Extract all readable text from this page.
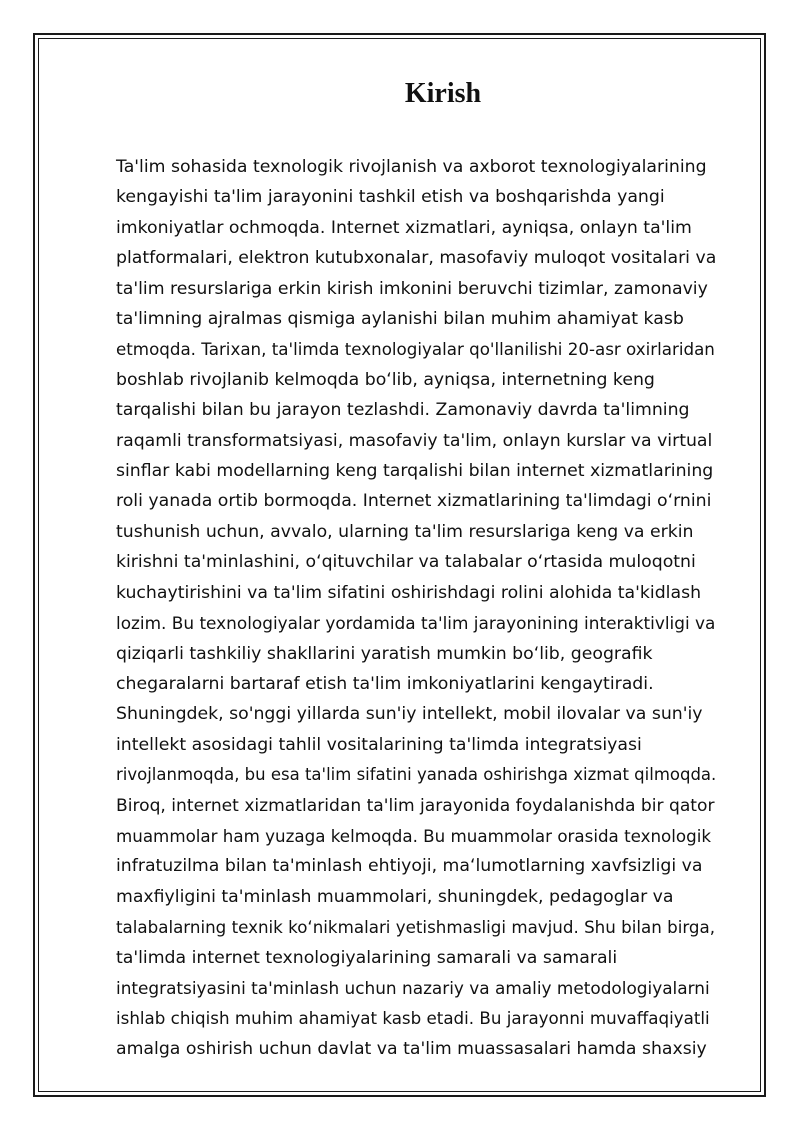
Kirish
Ta'lim sohasida texnologik rivojlanish va axborot texnologiyalarining
kengayishi ta'lim jarayonini tashkil etish va boshqarishda yangi
imkoniyatlar ochmoqda. Internet xizmatlari, ayniqsa, onlayn ta'lim
platformalari, elektron kutubxonalar, masofaviy muloqot vositalari va
ta'lim resurslariga erkin kirish imkonini beruvchi tizimlar, zamonaviy
ta'limning ajralmas qismiga aylanishi bilan muhim ahamiyat kasb
etmoqda. Tarixan, ta'limda texnologiyalar qo'llanilishi 20-asr oxirlaridan
boshlab rivojlanib kelmoqda boʻlib, ayniqsa, internetning keng
tarqalishi bilan bu jarayon tezlashdi. Zamonaviy davrda ta'limning
raqamli transformatsiyasi, masofaviy ta'lim, onlayn kurslar va virtual
sinflar kabi modellarning keng tarqalishi bilan internet xizmatlarining
roli yanada ortib bormoqda. Internet xizmatlarining ta'limdagi oʻrnini
tushunish uchun, avvalo, ularning ta'lim resurslariga keng va erkin
kirishni ta'minlashini, oʻqituvchilar va talabalar oʻrtasida muloqotni
kuchaytirishini va ta'lim sifatini oshirishdagi rolini alohida ta'kidlash
lozim. Bu texnologiyalar yordamida ta'lim jarayonining interaktivligi va
qiziqarli tashkiliy shakllarini yaratish mumkin boʻlib, geografik
chegaralarni bartaraf etish ta'lim imkoniyatlarini kengaytiradi.
Shuningdek, so'nggi yillarda sun'iy intellekt, mobil ilovalar va sun'iy
intellekt asosidagi tahlil vositalarining ta'limda integratsiyasi
rivojlanmoqda, bu esa ta'lim sifatini yanada oshirishga xizmat qilmoqda.
Biroq, internet xizmatlaridan ta'lim jarayonida foydalanishda bir qator
muammolar ham yuzaga kelmoqda. Bu muammolar orasida texnologik
infratuzilma bilan ta'minlash ehtiyoji, maʻlumotlarning xavfsizligi va
maxfiyligini ta'minlash muammolari, shuningdek, pedagoglar va
talabalarning texnik koʻnikmalari yetishmasligi mavjud. Shu bilan birga,
ta'limda internet texnologiyalarining samarali va samarali
integratsiyasini ta'minlash uchun nazariy va amaliy metodologiyalarni
ishlab chiqish muhim ahamiyat kasb etadi. Bu jarayonni muvaffaqiyatli
amalga oshirish uchun davlat va ta'lim muassasalari hamda shaxsiy
